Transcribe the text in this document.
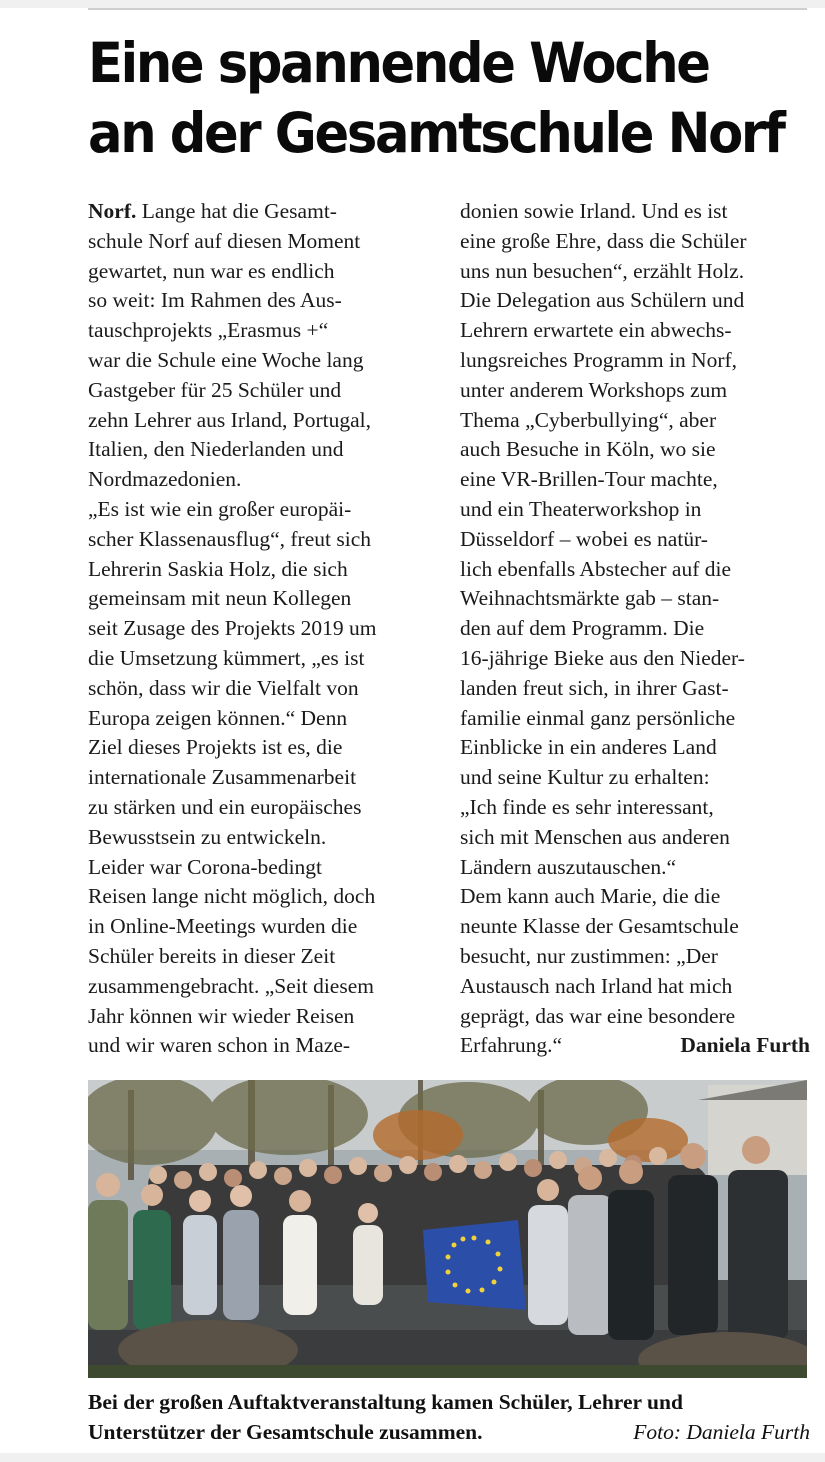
Eine spannende Woche
an der Gesamtschule Norf
Norf. Lange hat die Gesamt-
schule Norf auf diesen Moment
gewartet, nun war es endlich
so weit: Im Rahmen des Aus-
tauschprojekts „Erasmus +“
war die Schule eine Woche lang
Gastgeber für 25 Schüler und
zehn Lehrer aus Irland, Portugal,
Italien, den Niederlanden und
Nordmazedonien.
„Es ist wie ein großer europäi-
scher Klassenausflug“, freut sich
Lehrerin Saskia Holz, die sich
gemeinsam mit neun Kollegen
seit Zusage des Projekts 2019 um
die Umsetzung kümmert, „es ist
schön, dass wir die Vielfalt von
Europa zeigen können.“ Denn
Ziel dieses Projekts ist es, die
internationale Zusammenarbeit
zu stärken und ein europäisches
Bewusstsein zu entwickeln.
Leider war Corona-bedingt
Reisen lange nicht möglich, doch
in Online-Meetings wurden die
Schüler bereits in dieser Zeit
zusammengebracht. „Seit diesem
Jahr können wir wieder Reisen
und wir waren schon in Maze-
donien sowie Irland. Und es ist
eine große Ehre, dass die Schüler
uns nun besuchen“, erzählt Holz.
Die Delegation aus Schülern und
Lehrern erwartete ein abwechs-
lungsreiches Programm in Norf,
unter anderem Workshops zum
Thema „Cyberbullying“, aber
auch Besuche in Köln, wo sie
eine VR-Brillen-Tour machte,
und ein Theaterworkshop in
Düsseldorf – wobei es natür-
lich ebenfalls Abstecher auf die
Weihnachtsmärkte gab – stan-
den auf dem Programm. Die
16-jährige Bieke aus den Nieder-
landen freut sich, in ihrer Gast-
familie einmal ganz persönliche
Einblicke in ein anderes Land
und seine Kultur zu erhalten:
„Ich finde es sehr interessant,
sich mit Menschen aus anderen
Ländern auszutauschen.“
Dem kann auch Marie, die die
neunte Klasse der Gesamtschule
besucht, nur zustimmen: „Der
Austausch nach Irland hat mich
geprägt, das war eine besondere
Erfahrung.“	Daniela Furth
Bei der großen Auftaktveranstaltung kamen Schüler, Lehrer und
Unterstützer der Gesamtschule zusammen.	Foto: Daniela Furth
